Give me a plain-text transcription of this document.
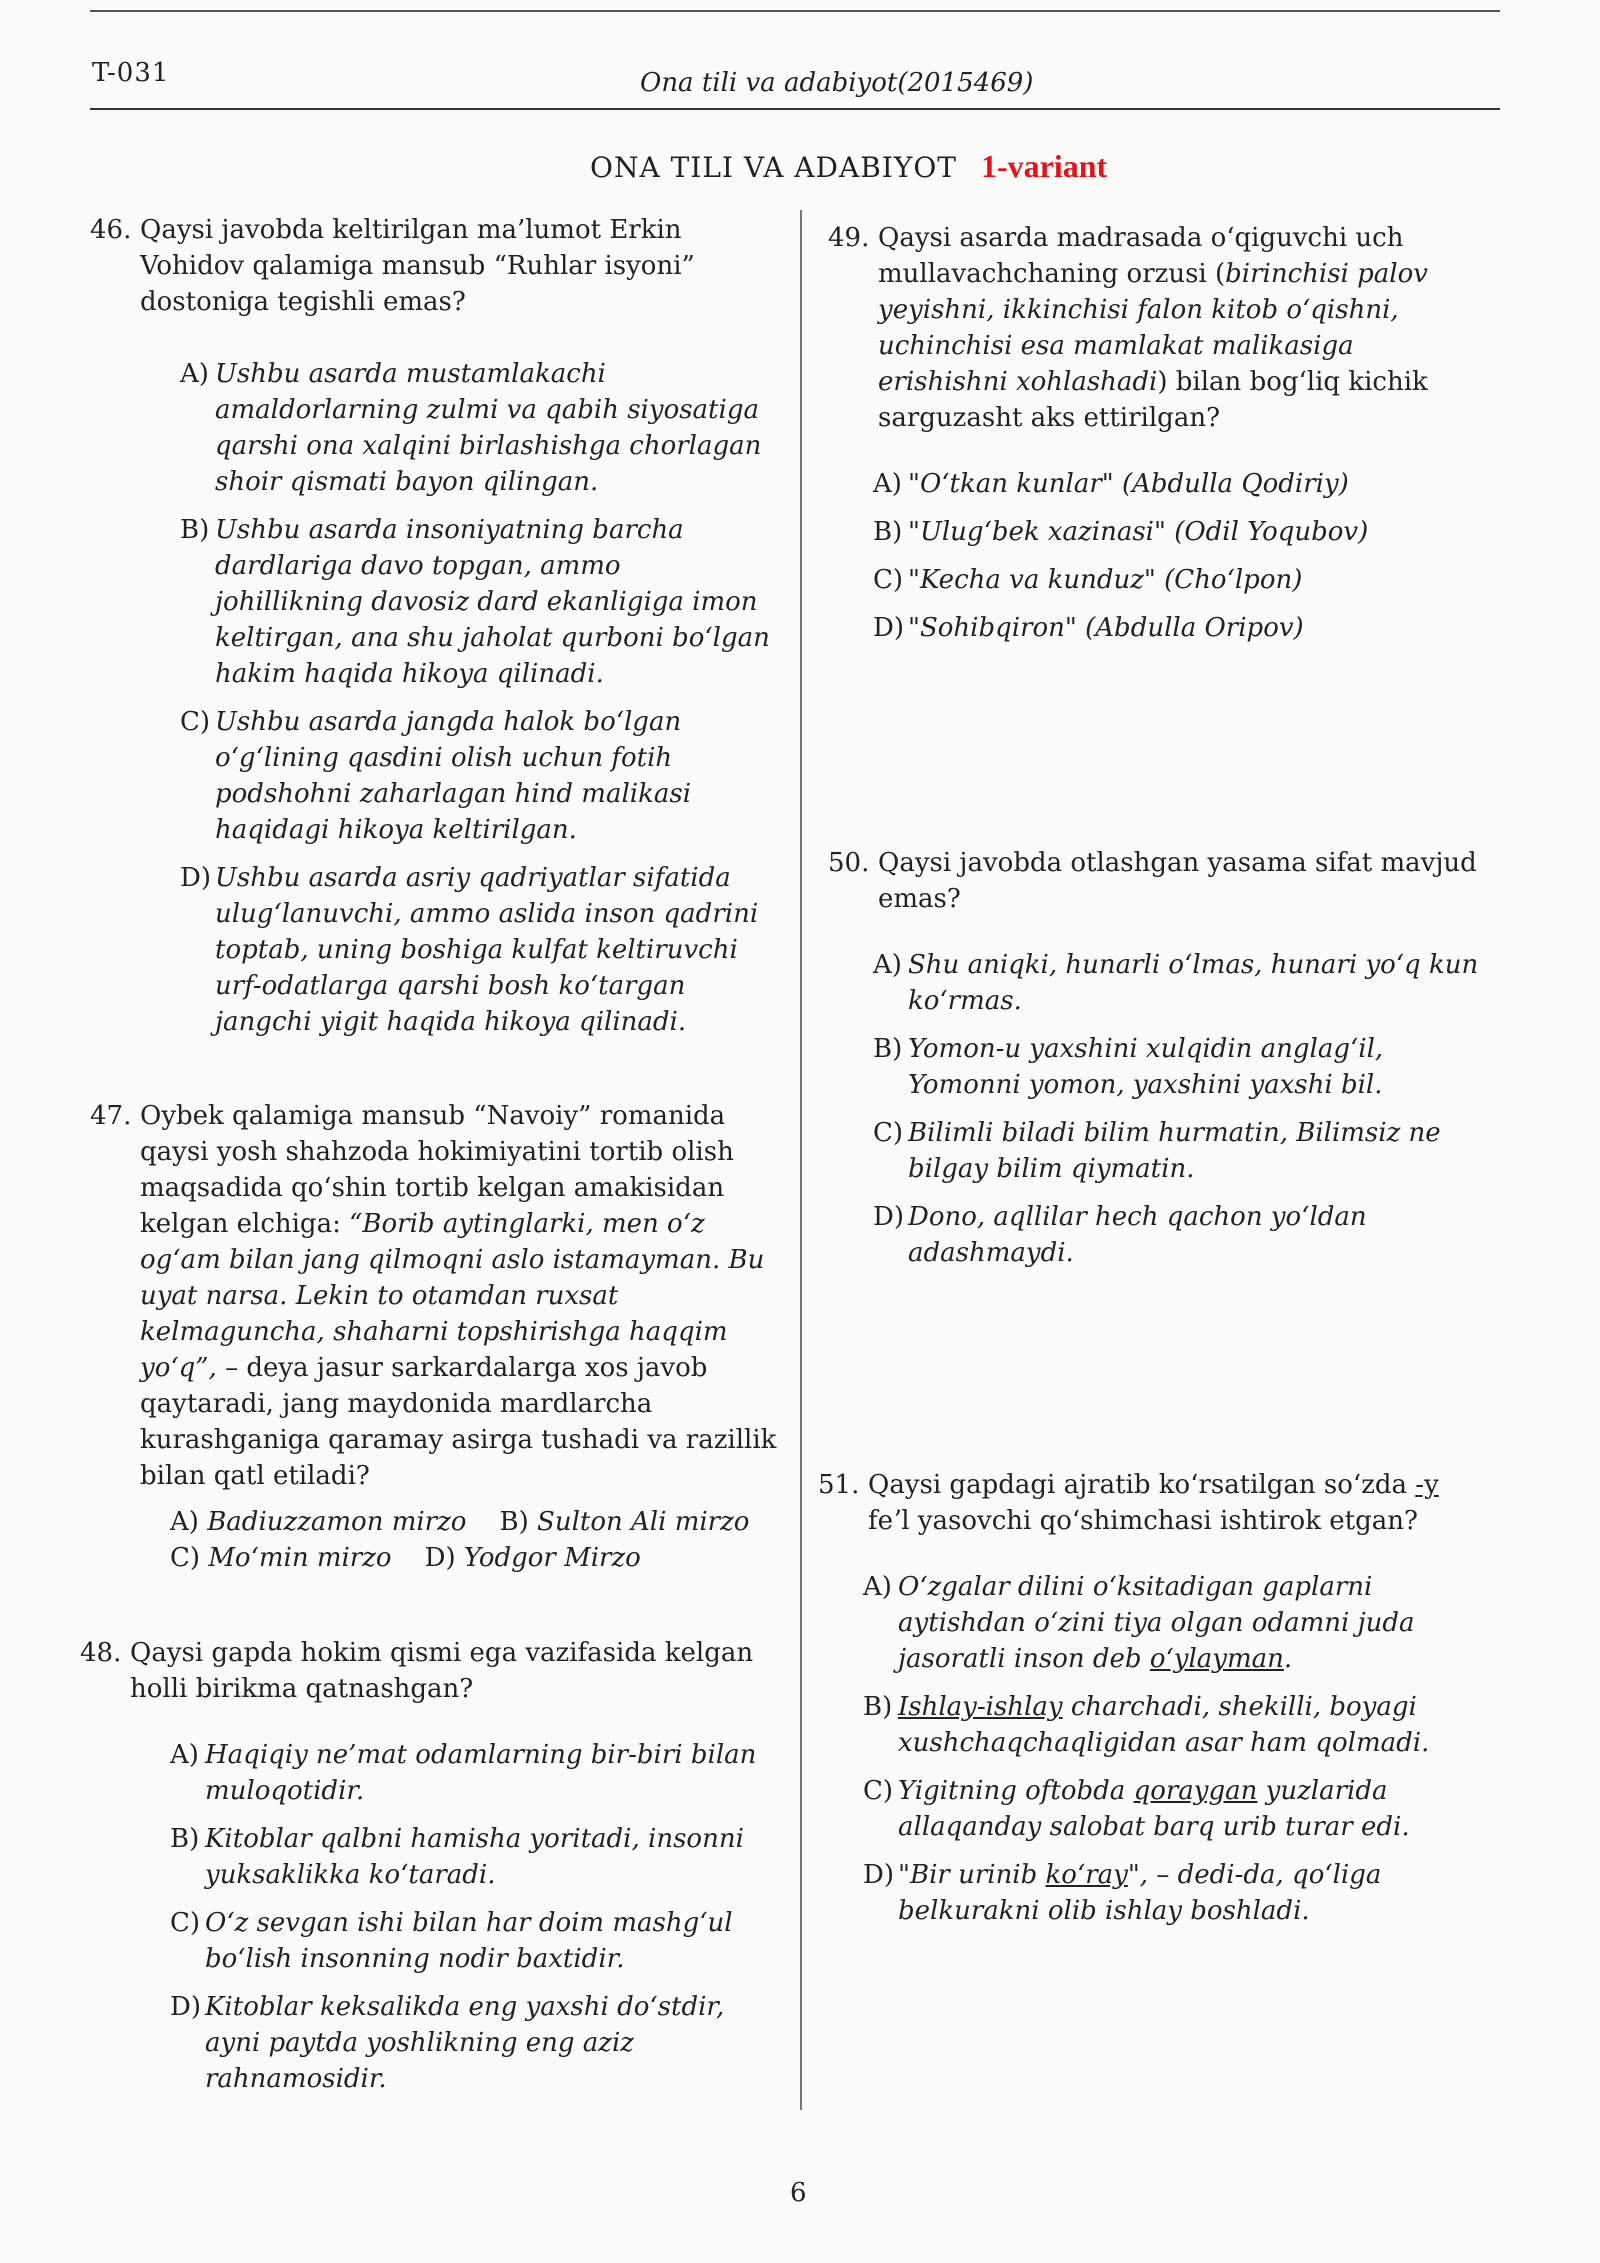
T-031	Ona tili va adabiyot(2015469)
ONA TILI VA ADABIYOT 1-variant
46. Qaysi javobda keltirilgan ma’lumot Erkin Vohidov qalamiga mansub “Ruhlar isyoni” dostoniga tegishli emas?
A) Ushbu asarda mustamlakachi amaldorlarning zulmi va qabih siyosatiga qarshi ona xalqini birlashishga chorlagan shoir qismati bayon qilingan.
B) Ushbu asarda insoniyatning barcha dardlariga davo topgan, ammo johillikning davosiz dard ekanligiga imon keltirgan, ana shu jaholat qurboni boʻlgan hakim haqida hikoya qilinadi.
C) Ushbu asarda jangda halok boʻlgan oʻgʻlining qasdini olish uchun fotih podshohni zaharlagan hind malikasi haqidagi hikoya keltirilgan.
D) Ushbu asarda asriy qadriyatlar sifatida ulugʻlanuvchi, ammo aslida inson qadrini toptab, uning boshiga kulfat keltiruvchi urf-odatlarga qarshi bosh koʻtargan jangchi yigit haqida hikoya qilinadi.
47. Oybek qalamiga mansub “Navoiy” romanida qaysi yosh shahzoda hokimiyatini tortib olish maqsadida qoʻshin tortib kelgan amakisidan kelgan elchiga: “Borib aytinglarki, men oʻz ogʻam bilan jang qilmoqni aslo istamayman. Bu uyat narsa. Lekin to otamdan ruxsat kelmaguncha, shaharni topshirishga haqqim yoʻq”, – deya jasur sarkardalarga xos javob qaytaradi, jang maydonida mardlarcha kurashganiga qaramay asirga tushadi va razillik bilan qatl etiladi?
A) Badiuzzamon mirzo B) Sulton Ali mirzo
C) Moʻmin mirzo D) Yodgor Mirzo
48. Qaysi gapda hokim qismi ega vazifasida kelgan holli birikma qatnashgan?
A) Haqiqiy ne’mat odamlarning bir-biri bilan muloqotidir.
B) Kitoblar qalbni hamisha yoritadi, insonni yuksaklikka koʻtaradi.
C) Oʻz sevgan ishi bilan har doim mashgʻul boʻlish insonning nodir baxtidir.
D) Kitoblar keksalikda eng yaxshi doʻstdir, ayni paytda yoshlikning eng aziz rahnamosidir.
49. Qaysi asarda madrasada oʻqiguvchi uch mullavachchaning orzusi (birinchisi palov yeyishni, ikkinchisi falon kitob oʻqishni, uchinchisi esa mamlakat malikasiga erishishni xohlashadi) bilan bogʻliq kichik sarguzasht aks ettirilgan?
A) "Oʻtkan kunlar" (Abdulla Qodiriy)
B) "Ulugʻbek xazinasi" (Odil Yoqubov)
C) "Kecha va kunduz" (Choʻlpon)
D) "Sohibqiron" (Abdulla Oripov)
50. Qaysi javobda otlashgan yasama sifat mavjud emas?
A) Shu aniqki, hunarli oʻlmas, hunari yoʻq kun koʻrmas.
B) Yomon-u yaxshini xulqidin anglagʻil, Yomonni yomon, yaxshini yaxshi bil.
C) Bilimli biladi bilim hurmatin, Bilimsiz ne bilgay bilim qiymatin.
D) Dono, aqllilar hech qachon yoʻldan adashmaydi.
51. Qaysi gapdagi ajratib koʻrsatilgan soʻzda -y feʼl yasovchi qoʻshimchasi ishtirok etgan?
A) Oʻzgalar dilini oʻksitadigan gaplarni aytishdan oʻzini tiya olgan odamni juda jasoratli inson deb oʻylayman.
B) Ishlay-ishlay charchadi, shekilli, boyagi xushchaqchaqligidan asar ham qolmadi.
C) Yigitning oftobda qoraygan yuzlarida allaqanday salobat barq urib turar edi.
D) "Bir urinib koʻray", – dedi-da, qoʻliga belkurakni olib ishlay boshladi.
6
